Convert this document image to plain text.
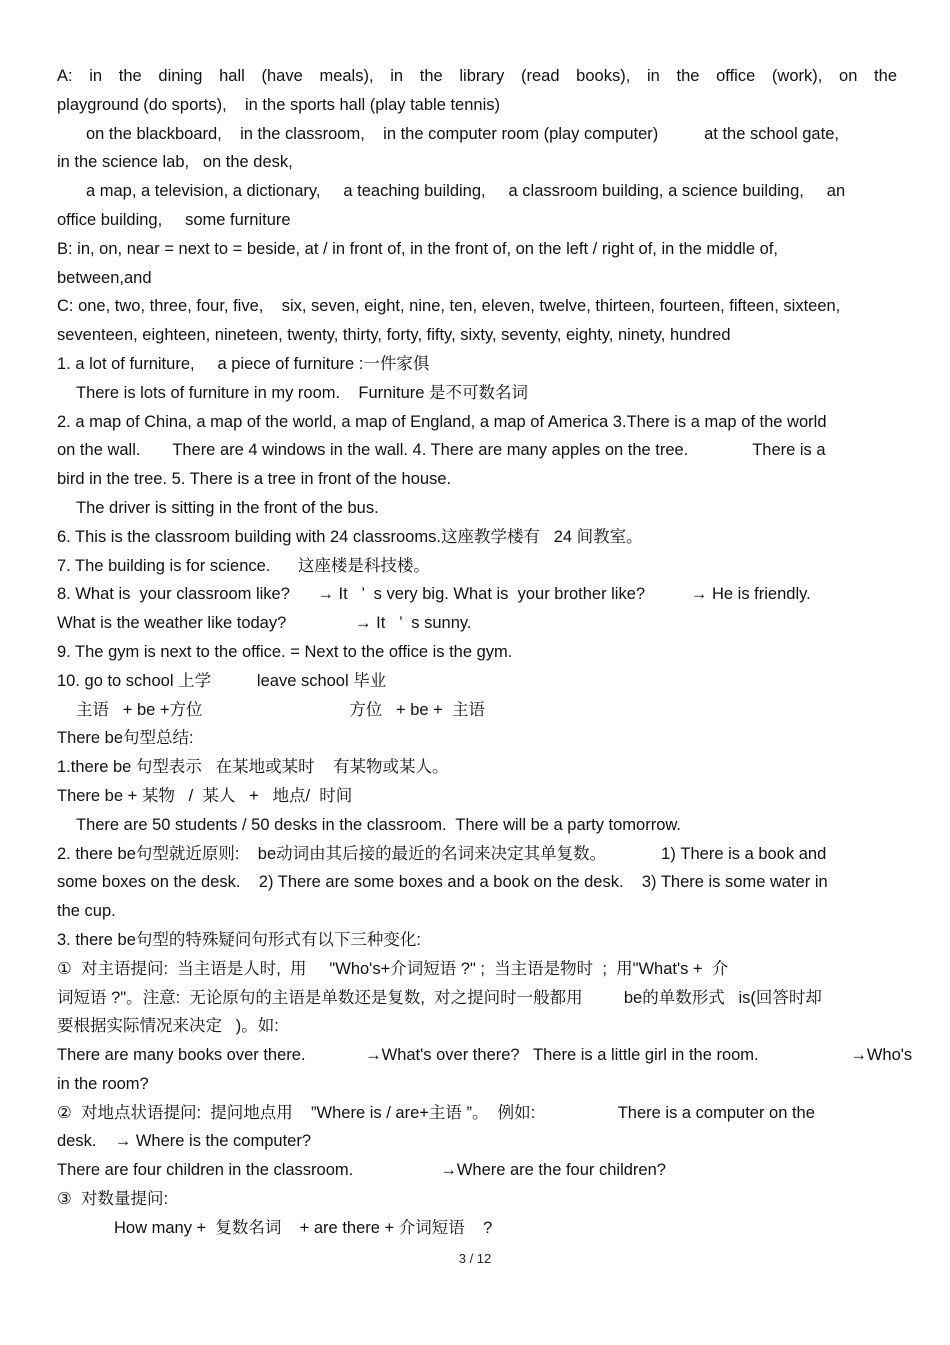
A: in the dining hall (have meals), in the library (read books), in the office (work), on the
playground (do sports),    in the sports hall (play table tennis)
on the blackboard,    in the classroom,    in the computer room (play computer)          at the school gate,
in the science lab,   on the desk,
a map, a television, a dictionary,     a teaching building,     a classroom building, a science building,     an
office building,     some furniture
B: in, on, near = next to = beside, at / in front of, in the front of, on the left / right of, in the middle of,
between,and
C: one, two, three, four, five,    six, seven, eight, nine, ten, eleven, twelve, thirteen, fourteen, fifteen, sixteen,
seventeen, eighteen, nineteen, twenty, thirty, forty, fifty, sixty, seventy, eighty, ninety, hundred
1. a lot of furniture,     a piece of furniture :一件家俱
There is lots of furniture in my room.    Furniture 是不可数名词
2. a map of China, a map of the world, a map of England, a map of America 3.There is a map of the world
on the wall.       There are 4 windows in the wall. 4. There are many apples on the tree.              There is a
bird in the tree. 5. There is a tree in front of the house.
The driver is sitting in the front of the bus.
6. This is the classroom building with 24 classrooms.这座教学楼有   24 间教室。
7. The building is for science.      这座楼是科技楼。
8. What is  your classroom like?      → It   ’  s very big. What is  your brother like?          → He is friendly.
What is the weather like today?               → It   ’  s sunny.
9. The gym is next to the office. = Next to the office is the gym.
10. go to school 上学          leave school 毕业
主语   + be +方位                                方位   + be +  主语
There be句型总结:
1.there be 句型表示   在某地或某时    有某物或某人。
There be + 某物   /  某人   +   地点/  时间
There are 50 students / 50 desks in the classroom.  There will be a party tomorrow.
2. there be句型就近原则:    be动词由其后接的最近的名词来决定其单复数。            1) There is a book and
some boxes on the desk.    2) There are some boxes and a book on the desk.    3) There is some water in
the cup.
3. there be句型的特殊疑问句形式有以下三种变化:
①  对主语提问:  当主语是人时,  用     "Who's+介词短语 ?" ;  当主语是物时  ;  用"What's +  介
词短语 ?"。注意:  无论原句的主语是单数还是复数,  对之提问时一般都用         be的单数形式   is(回答时却
要根据实际情况来决定   )。如:
There are many books over there.             →What's over there?   There is a little girl in the room.                    →Who's
in the room?
②  对地点状语提问:  提问地点用    ”Where is / are+主语 ”。  例如:                  There is a computer on the
desk.    → Where is the computer?
There are four children in the classroom.                   →Where are the four children?
③  对数量提问:
How many +  复数名词    + are there + 介词短语    ?
3 / 12
